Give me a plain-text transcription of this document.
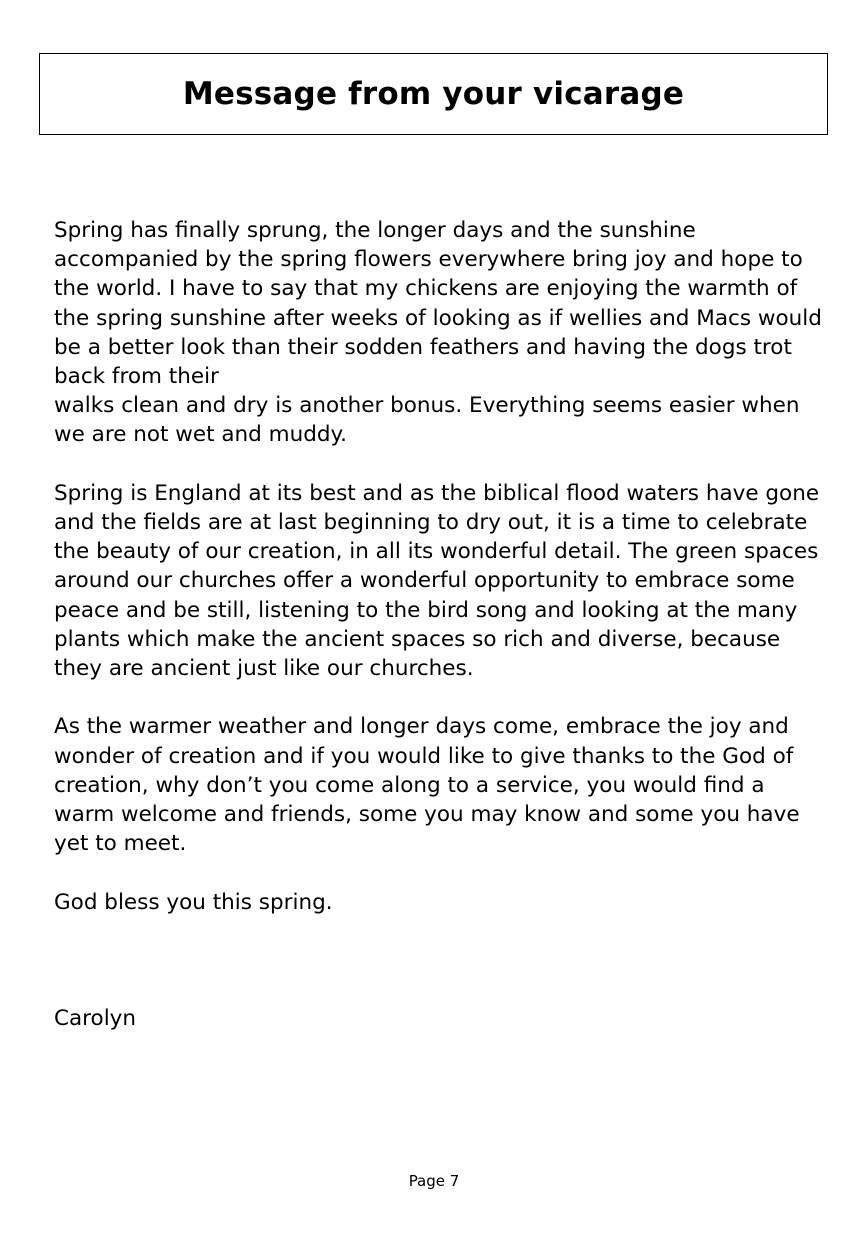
Message from your vicarage

Spring has finally sprung, the longer days and the sunshine accompanied by the spring flowers everywhere bring joy and hope to the world. I have to say that my chickens are enjoying the warmth of the spring sunshine after weeks of looking as if wellies and Macs would be a better look than their sodden feathers and having the dogs trot back from their

walks clean and dry is another bonus. Everything seems easier when we are not wet and muddy.

Spring is England at its best and as the biblical flood waters have gone and the fields are at last beginning to dry out, it is a time to celebrate the beauty of our creation, in all its wonderful detail. The green spaces around our churches offer a wonderful opportunity to embrace some peace and be still, listening to the bird song and looking at the many plants which make the ancient spaces so rich and diverse, because they are ancient just like our churches.

As the warmer weather and longer days come, embrace the joy and wonder of creation and if you would like to give thanks to the God of creation, why don’t you come along to a service, you would find a warm welcome and friends, some you may know and some you have yet to meet.

God bless you this spring.

Carolyn

Page 7
